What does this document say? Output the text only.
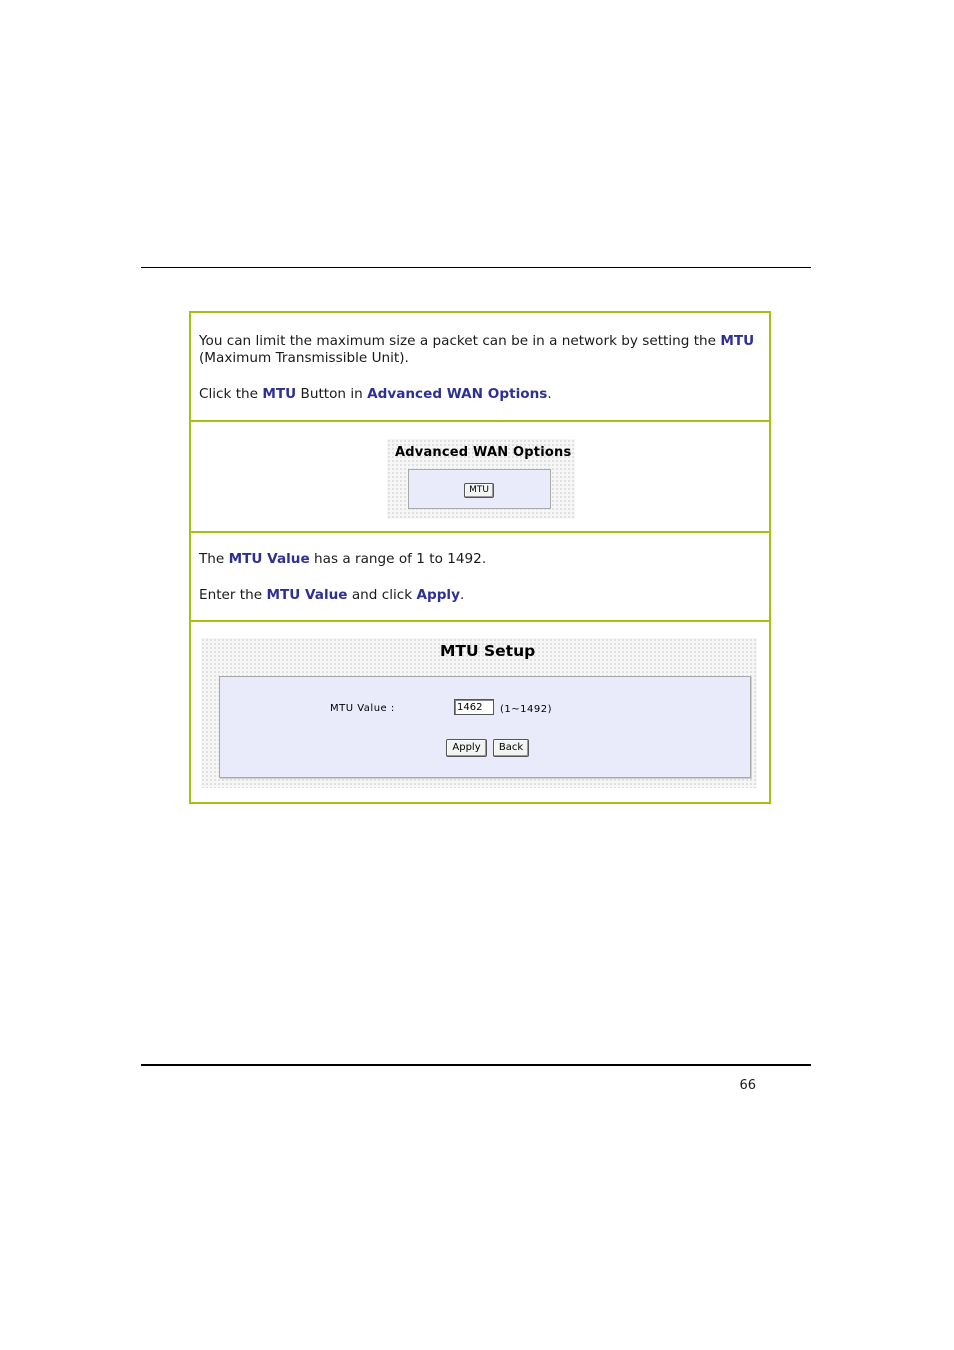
You can limit the maximum size a packet can be in a network by setting the MTU
(Maximum Transmissible Unit).
Click the MTU Button in Advanced WAN Options.
Advanced WAN Options
MTU
The MTU Value has a range of 1 to 1492.
Enter the MTU Value and click Apply.
MTU Setup
MTU Value :	1462	(1~1492)
Apply	Back
66
